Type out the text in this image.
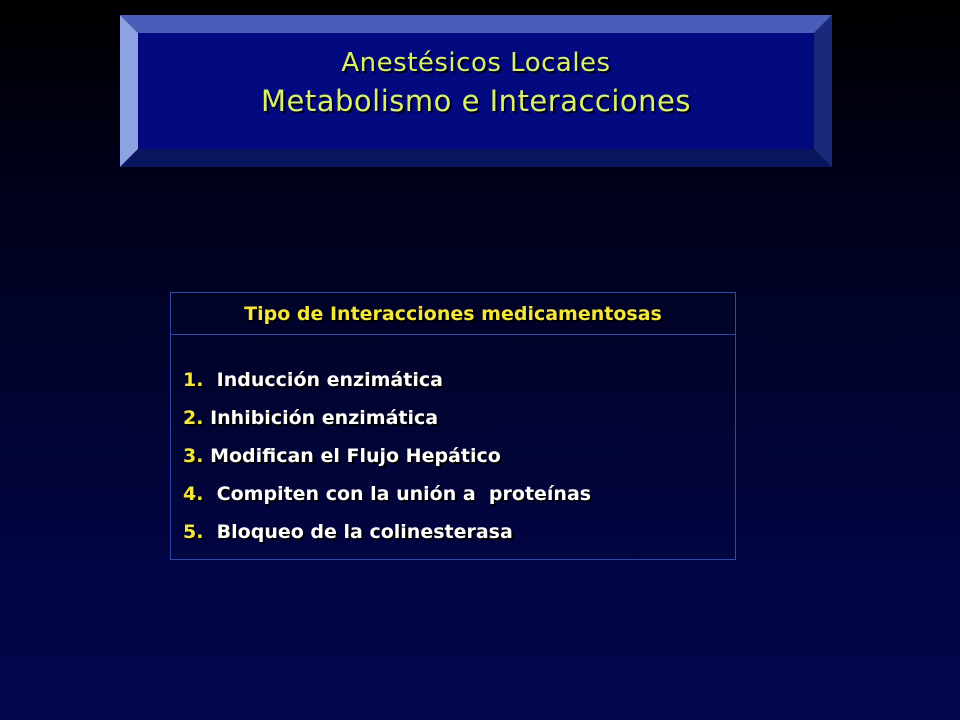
Anestésicos Locales
Metabolismo e Interacciones
Tipo de Interacciones medicamentosas
1.  Inducción enzimática
2. Inhibición enzimática
3. Modifican el Flujo Hepático
4.  Compiten con la unión a  proteínas
5.  Bloqueo de la colinesterasa
